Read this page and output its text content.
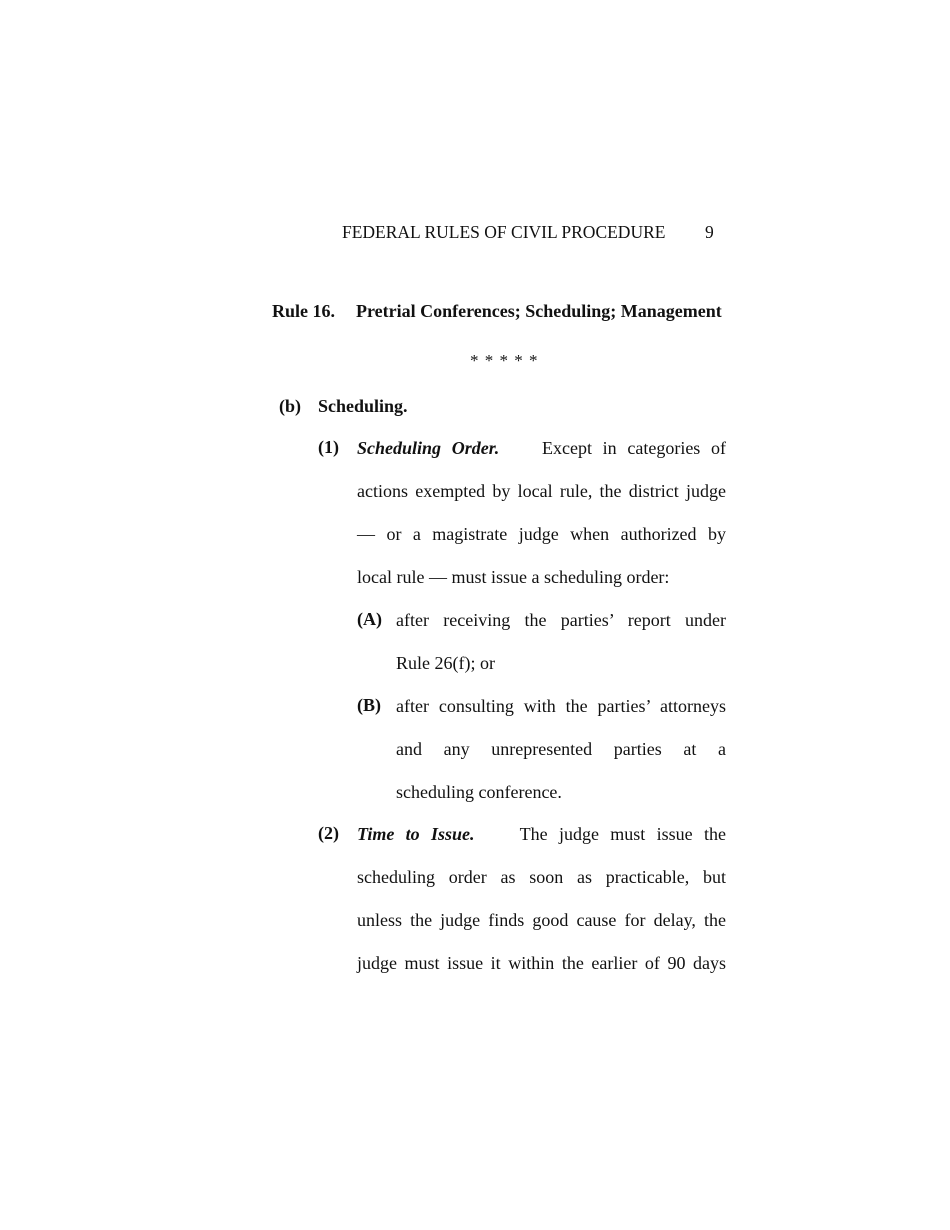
FEDERAL RULES OF CIVIL PROCEDURE 9
Rule 16. Pretrial Conferences; Scheduling; Management
* * * * *
(b) Scheduling.
(1) Scheduling Order. Except in categories of
actions exempted by local rule, the district judge
— or a magistrate judge when authorized by
local rule — must issue a scheduling order:
(A) after receiving the parties’ report under
Rule 26(f); or
(B) after consulting with the parties’ attorneys
and any unrepresented parties at a
scheduling conference.
(2) Time to Issue.	The judge must issue the
scheduling order as soon as practicable, but
unless the judge finds good cause for delay, the
judge must issue it within the earlier of 90 days
